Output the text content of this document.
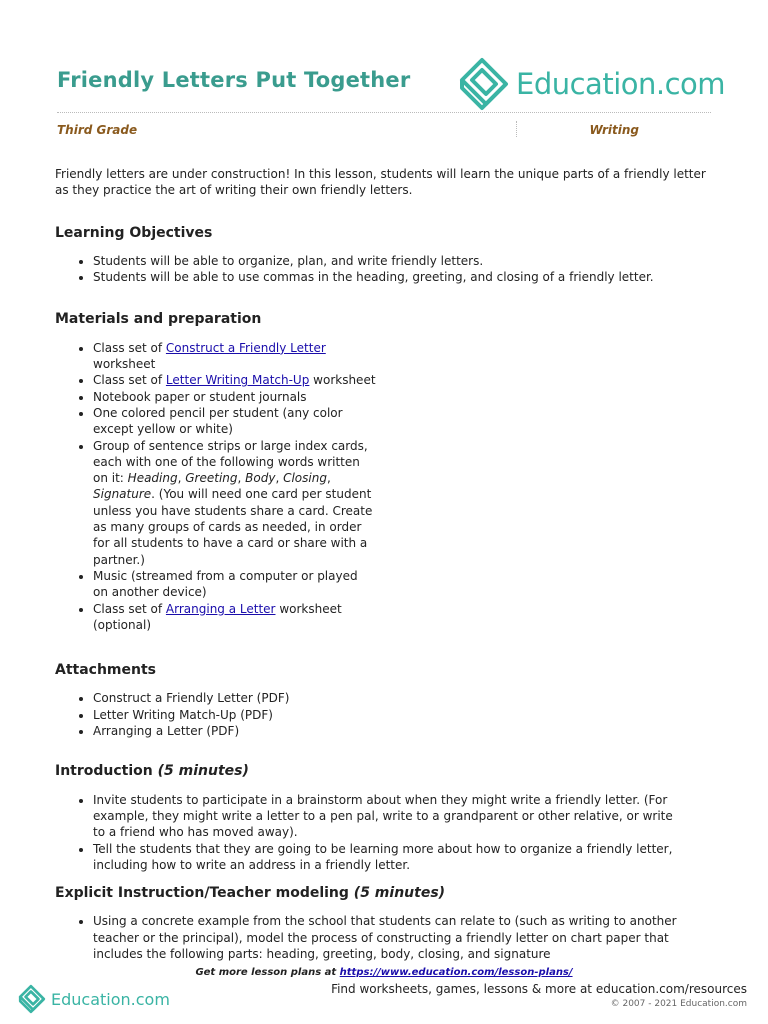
Friendly Letters Put Together	Education.com
Third Grade	Writing

Friendly letters are under construction! In this lesson, students will learn the unique parts of a friendly letter as they practice the art of writing their own friendly letters.

Learning Objectives
• Students will be able to organize, plan, and write friendly letters.
• Students will be able to use commas in the heading, greeting, and closing of a friendly letter.
Materials and preparation
• Class set of Construct a Friendly Letter worksheet
• Class set of Letter Writing Match-Up worksheet
• Notebook paper or student journals
• One colored pencil per student (any color except yellow or white)
• Group of sentence strips or large index cards, each with one of the following words written on it: Heading, Greeting, Body, Closing, Signature. (You will need one card per student unless you have students share a card. Create as many groups of cards as needed, in order for all students to have a card or share with a partner.)
• Music (streamed from a computer or played on another device)
• Class set of Arranging a Letter worksheet (optional)
Attachments
• Construct a Friendly Letter (PDF)
• Letter Writing Match-Up (PDF)
• Arranging a Letter (PDF)
Introduction (5 minutes)
• Invite students to participate in a brainstorm about when they might write a friendly letter. (For example, they might write a letter to a pen pal, write to a grandparent or other relative, or write to a friend who has moved away).
• Tell the students that they are going to be learning more about how to organize a friendly letter, including how to write an address in a friendly letter.
Explicit Instruction/Teacher modeling (5 minutes)
• Using a concrete example from the school that students can relate to (such as writing to another teacher or the principal), model the process of constructing a friendly letter on chart paper that includes the following parts: heading, greeting, body, closing, and signature
Get more lesson plans at https://www.education.com/lesson-plans/
Education.com
Find worksheets, games, lessons & more at education.com/resources
© 2007 - 2021 Education.com
